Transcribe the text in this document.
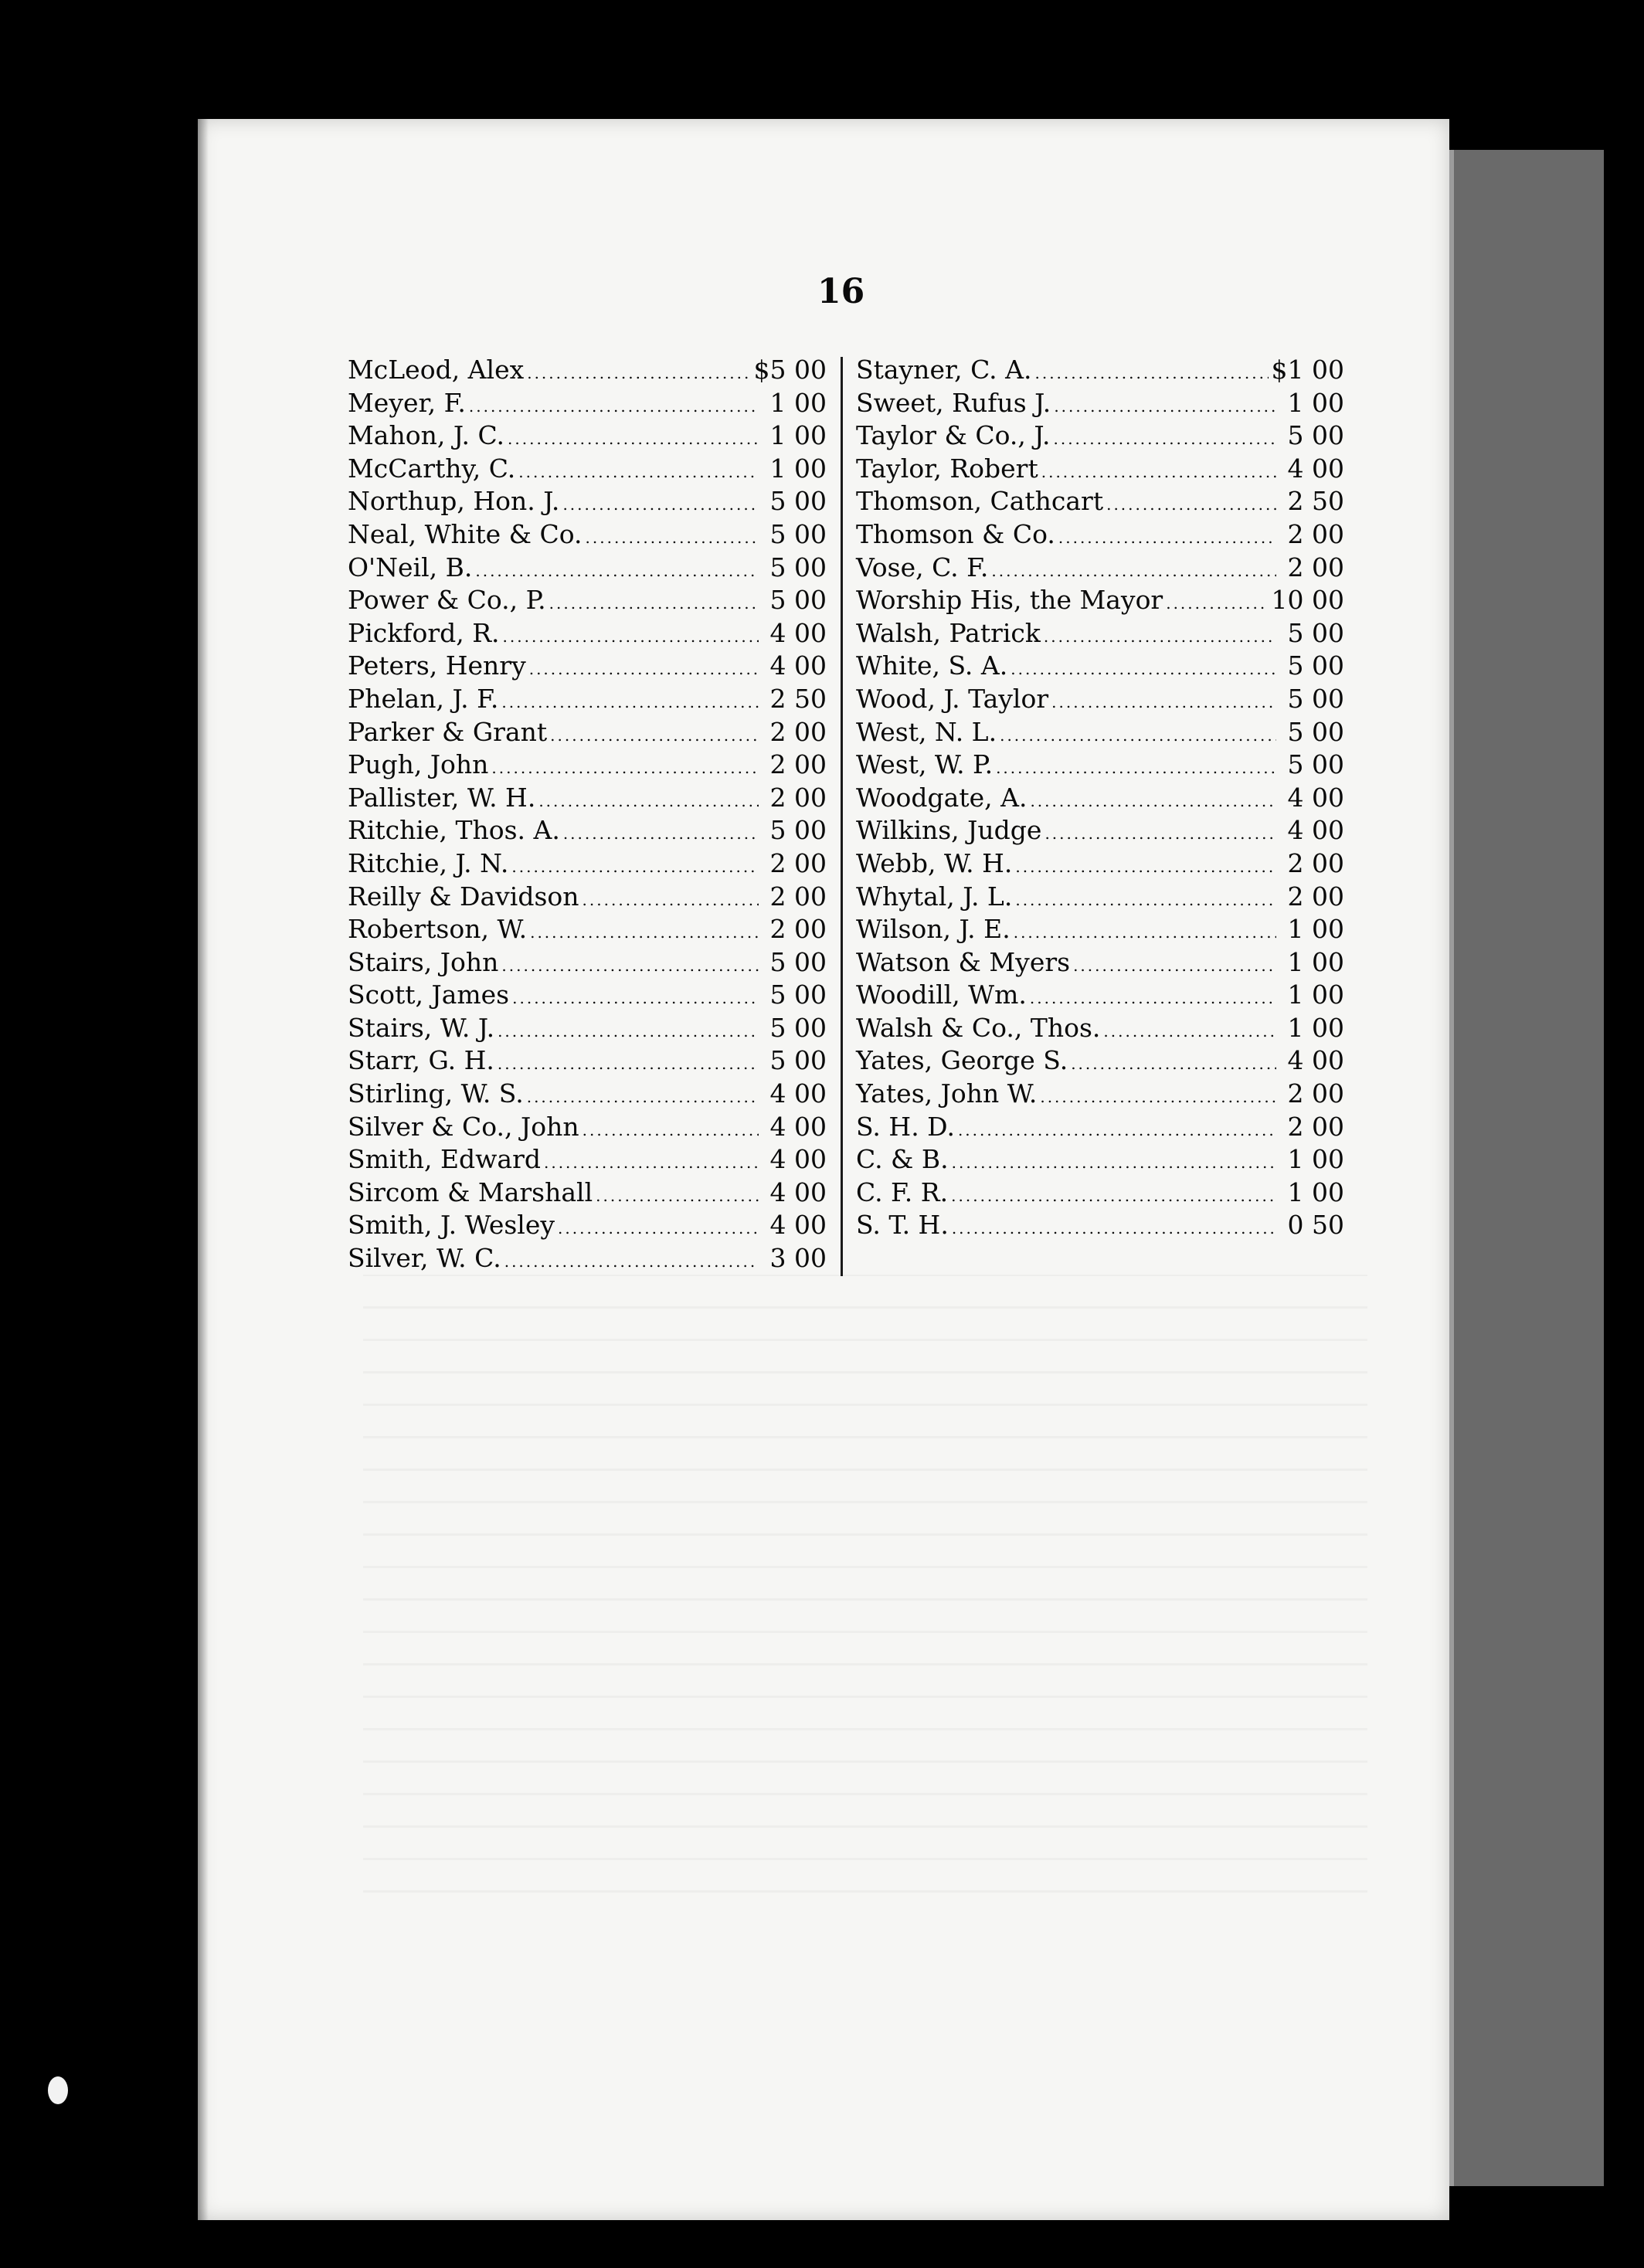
16
McLeod, Alex .....	$5 00
Meyer, F. .....	1 00
Mahon, J. C. .....	1 00
McCarthy, C. .....	1 00
Northup, Hon. J. .....	5 00
Neal, White & Co. .....	5 00
O'Neil, B. .....	5 00
Power & Co., P. .....	5 00
Pickford, R. .....	4 00
Peters, Henry .....	4 00
Phelan, J. F. .....	2 50
Parker & Grant .....	2 00
Pugh, John .....	2 00
Pallister, W. H. .....	2 00
Ritchie, Thos. A. .....	5 00
Ritchie, J. N. .....	2 00
Reilly & Davidson .....	2 00
Robertson, W. .....	2 00
Stairs, John .....	5 00
Scott, James .....	5 00
Stairs, W. J. .....	5 00
Starr, G. H. .....	5 00
Stirling, W. S. .....	4 00
Silver & Co., John .....	4 00
Smith, Edward .....	4 00
Sircom & Marshall .....	4 00
Smith, J. Wesley .....	4 00
Silver, W. C. .....	3 00
Stayner, C. A. .....	$1 00
Sweet, Rufus J. .....	1 00
Taylor & Co., J. .....	5 00
Taylor, Robert .....	4 00
Thomson, Cathcart .....	2 50
Thomson & Co. .....	2 00
Vose, C. F. .....	2 00
Worship His, the Mayor .....	10 00
Walsh, Patrick .....	5 00
White, S. A. .....	5 00
Wood, J. Taylor .....	5 00
West, N. L. .....	5 00
West, W. P. .....	5 00
Woodgate, A. .....	4 00
Wilkins, Judge .....	4 00
Webb, W. H. .....	2 00
Whytal, J. L. .....	2 00
Wilson, J. E. .....	1 00
Watson & Myers .....	1 00
Woodill, Wm. .....	1 00
Walsh & Co., Thos. .....	1 00
Yates, George S. .....	4 00
Yates, John W. .....	2 00
S. H. D. .....	2 00
C. & B. .....	1 00
C. F. R. .....	1 00
S. T. H. .....	0 50
